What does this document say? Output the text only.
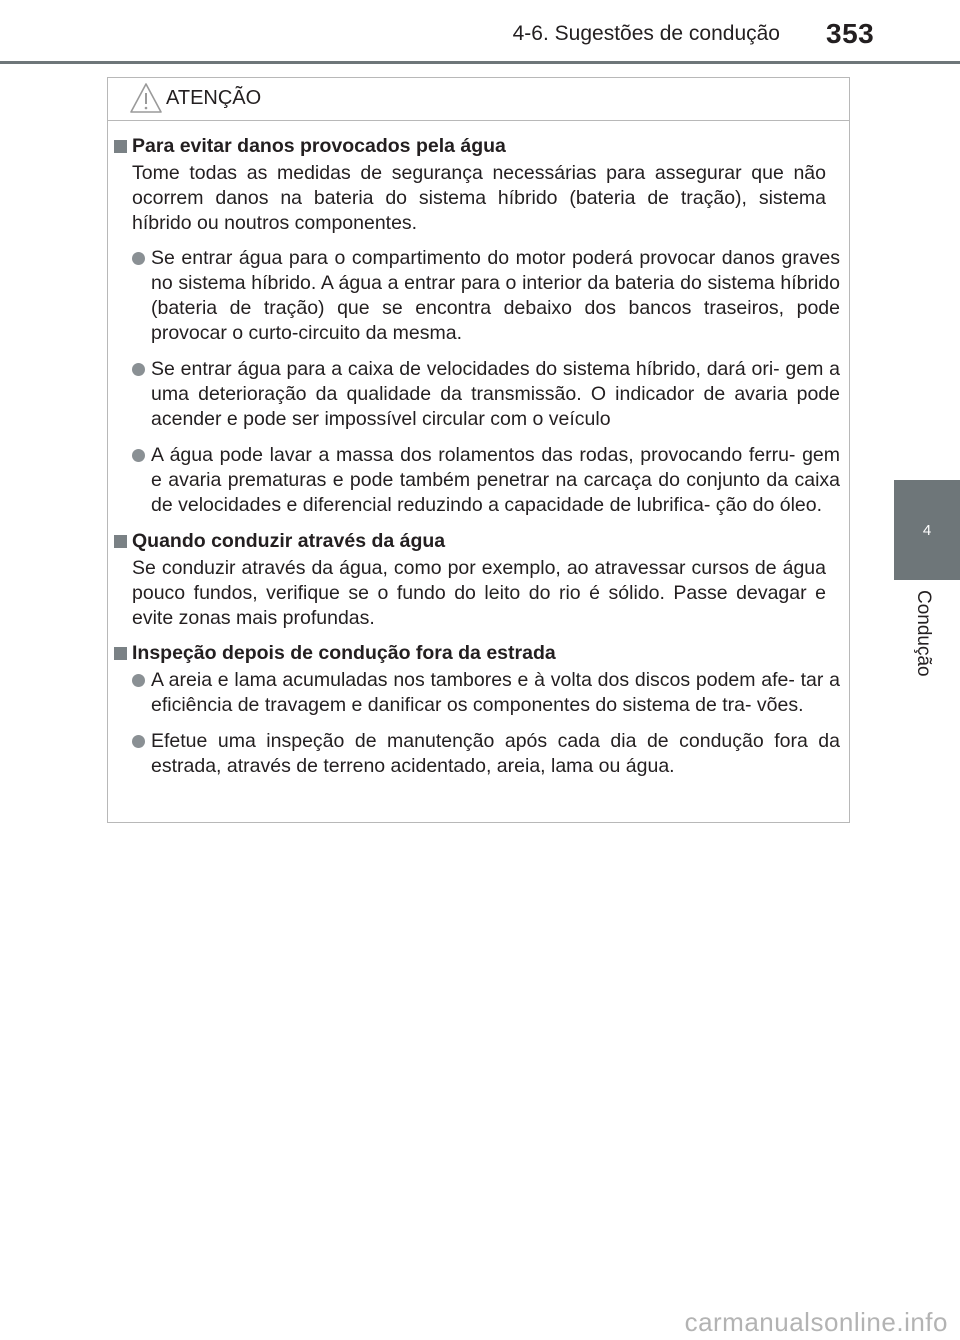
4-6. Sugestões de condução 353
4
Condução
ATENÇÃO
Para evitar danos provocados pela água
Tome todas as medidas de segurança necessárias para assegurar que não ocorrem danos na bateria do sistema híbrido (bateria de tração), sistema híbrido ou noutros componentes.
Se entrar água para o compartimento do motor poderá provocar danos graves no sistema híbrido. A água a entrar para o interior da bateria do sistema híbrido (bateria de tração) que se encontra debaixo dos bancos traseiros, pode provocar o curto-circuito da mesma.
Se entrar água para a caixa de velocidades do sistema híbrido, dará ori- gem a uma deterioração da qualidade da transmissão. O indicador de avaria pode acender e pode ser impossível circular com o veículo
A água pode lavar a massa dos rolamentos das rodas, provocando ferru- gem e avaria prematuras e pode também penetrar na carcaça do conjunto da caixa de velocidades e diferencial reduzindo a capacidade de lubrifica- ção do óleo.
Quando conduzir através da água
Se conduzir através da água, como por exemplo, ao atravessar cursos de água pouco fundos, verifique se o fundo do leito do rio é sólido. Passe devagar e evite zonas mais profundas.
Inspeção depois de condução fora da estrada
A areia e lama acumuladas nos tambores e à volta dos discos podem afe- tar a eficiência de travagem e danificar os componentes do sistema de tra- vões.
Efetue uma inspeção de manutenção após cada dia de condução fora da estrada, através de terreno acidentado, areia, lama ou água.
carmanualsonline.info
